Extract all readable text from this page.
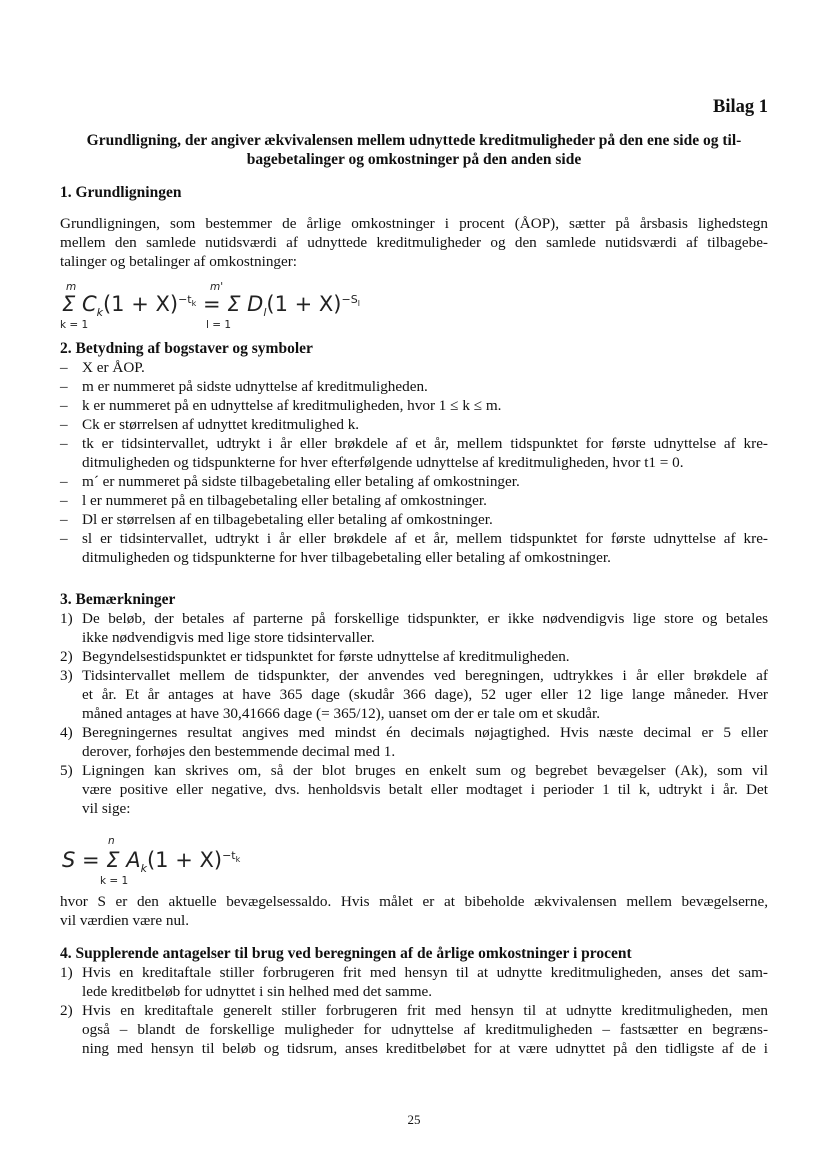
Bilag 1
Grundligning, der angiver ækvivalensen mellem udnyttede kreditmuligheder på den ene side og til-
bagebetalinger og omkostninger på den anden side
1. Grundligningen
Grundligningen, som bestemmer de årlige omkostninger i procent (ÅOP), sætter på årsbasis lighedstegn
mellem den samlede nutidsværdi af udnyttede kreditmuligheder og den samlede nutidsværdi af tilbagebe-
talinger og betalinger af omkostninger:
m
k = 1
Σ $C_k(1 + X)^{-t_k} = \Sigma$ $D_l(1 + X)^{-S_l}$
m'
l = 1
2. Betydning af bogstaver og symboler
– X er ÅOP.
– m er nummeret på sidste udnyttelse af kreditmuligheden.
– k er nummeret på en udnyttelse af kreditmuligheden, hvor 1 ≤ k ≤ m.
– Ck er størrelsen af udnyttet kreditmulighed k.
– tk er tidsintervallet, udtrykt i år eller brøkdele af et år, mellem tidspunktet for første udnyttelse af kre-
ditmuligheden og tidspunkterne for hver efterfølgende udnyttelse af kreditmuligheden, hvor t1 = 0.
– m´ er nummeret på sidste tilbagebetaling eller betaling af omkostninger.
– l er nummeret på en tilbagebetaling eller betaling af omkostninger.
– Dl er størrelsen af en tilbagebetaling eller betaling af omkostninger.
– sl er tidsintervallet, udtrykt i år eller brøkdele af et år, mellem tidspunktet for første udnyttelse af kre-
ditmuligheden og tidspunkterne for hver tilbagebetaling eller betaling af omkostninger.
3. Bemærkninger
1) De beløb, der betales af parterne på forskellige tidspunkter, er ikke nødvendigvis lige store og betales
ikke nødvendigvis med lige store tidsintervaller.
2) Begyndelsestidspunktet er tidspunktet for første udnyttelse af kreditmuligheden.
3) Tidsintervallet mellem de tidspunkter, der anvendes ved beregningen, udtrykkes i år eller brøkdele af
et år. Et år antages at have 365 dage (skudår 366 dage), 52 uger eller 12 lige lange måneder. Hver
måned antages at have 30,41666 dage (= 365/12), uanset om der er tale om et skudår.
4) Beregningernes resultat angives med mindst én decimals nøjagtighed. Hvis næste decimal er 5 eller
derover, forhøjes den bestemmende decimal med 1.
5) Ligningen kan skrives om, så der blot bruges en enkelt sum og begrebet bevægelser (Ak), som vil
være positive eller negative, dvs. henholdsvis betalt eller modtaget i perioder 1 til k, udtrykt i år. Det
vil sige:
n
k = 1
S = Σ $A_k(1 + X)^{-t_k}$
hvor S er den aktuelle bevægelsessaldo. Hvis målet er at bibeholde ækvivalensen mellem bevægelserne,
vil værdien være nul.
4. Supplerende antagelser til brug ved beregningen af de årlige omkostninger i procent
1) Hvis en kreditaftale stiller forbrugeren frit med hensyn til at udnytte kreditmuligheden, anses det sam-
lede kreditbeløb for udnyttet i sin helhed med det samme.
2) Hvis en kreditaftale generelt stiller forbrugeren frit med hensyn til at udnytte kreditmuligheden, men
også – blandt de forskellige muligheder for udnyttelse af kreditmuligheden – fastsætter en begræns-
ning med hensyn til beløb og tidsrum, anses kreditbeløbet for at være udnyttet på den tidligste af de i
25
